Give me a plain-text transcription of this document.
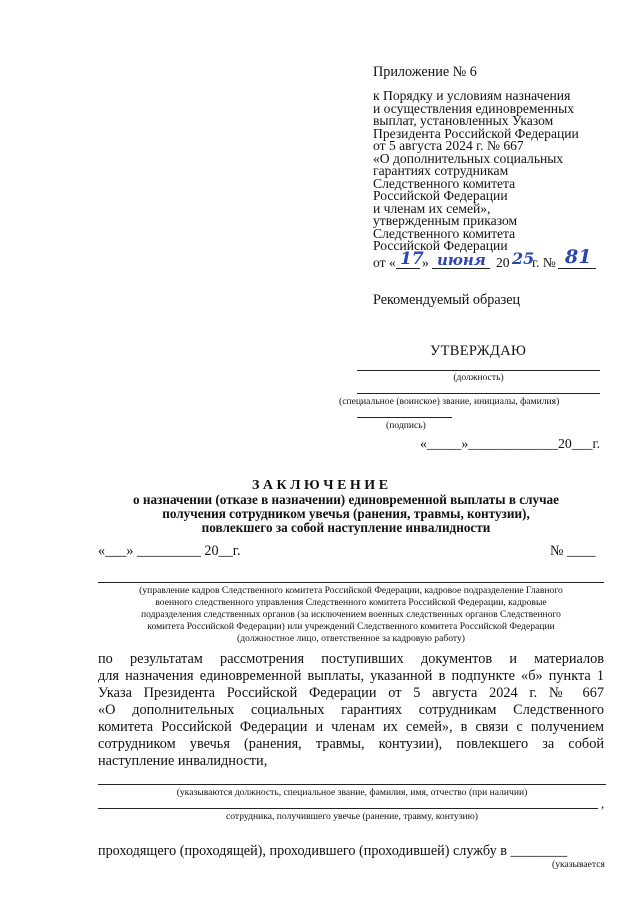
Приложение № 6
к Порядку и условиям назначения
и осуществления единовременных
выплат, установленных Указом
Президента Российской Федерации
от 5 августа 2024 г. № 667
«О дополнительных социальных
гарантиях сотрудникам
Следственного комитета
Российской Федерации
и членам их семей»,
утвержденным приказом
Следственного комитета
Российской Федерации
от « 17
» июня 20 25
г. № 81
Рекомендуемый образец
УТВЕРЖДАЮ
(должность)
(специальное (воинское) звание, инициалы, фамилия)
(подпись)
«_____»_____________20___г.
З А К Л Ю Ч Е Н И Е
о назначении (отказе в назначении) единовременной выплаты в случае
получения сотрудником увечья (ранения, травмы, контузии),
повлекшего за собой наступление инвалидности
«___» _________ 20__г.	№ ____
(управление кадров Следственного комитета Российской Федерации, кадровое подразделение Главного
военного следственного управления Следственного комитета Российской Федерации, кадровые
подразделения следственных органов (за исключением военных следственных органов Следственного
комитета Российской Федерации) или учреждений Следственного комитета Российской Федерации
(должностное лицо, ответственное за кадровую работу)
по результатам рассмотрения поступивших документов и материалов
для назначения единовременной выплаты, указанной в подпункте «б» пункта 1
Указа Президента Российской Федерации от 5 августа 2024 г. № 667
«О дополнительных социальных гарантиях сотрудникам Следственного
комитета Российской Федерации и членам их семей», в связи с получением
сотрудником увечья (ранения, травмы, контузии), повлекшего за собой
наступление инвалидности,
(указываются должность, специальное звание, фамилия, имя, отчество (при наличии)
,
сотрудника, получившего увечье (ранение, травму, контузию)
проходящего (проходящей), проходившего (проходившей) службу в ________
(указывается
